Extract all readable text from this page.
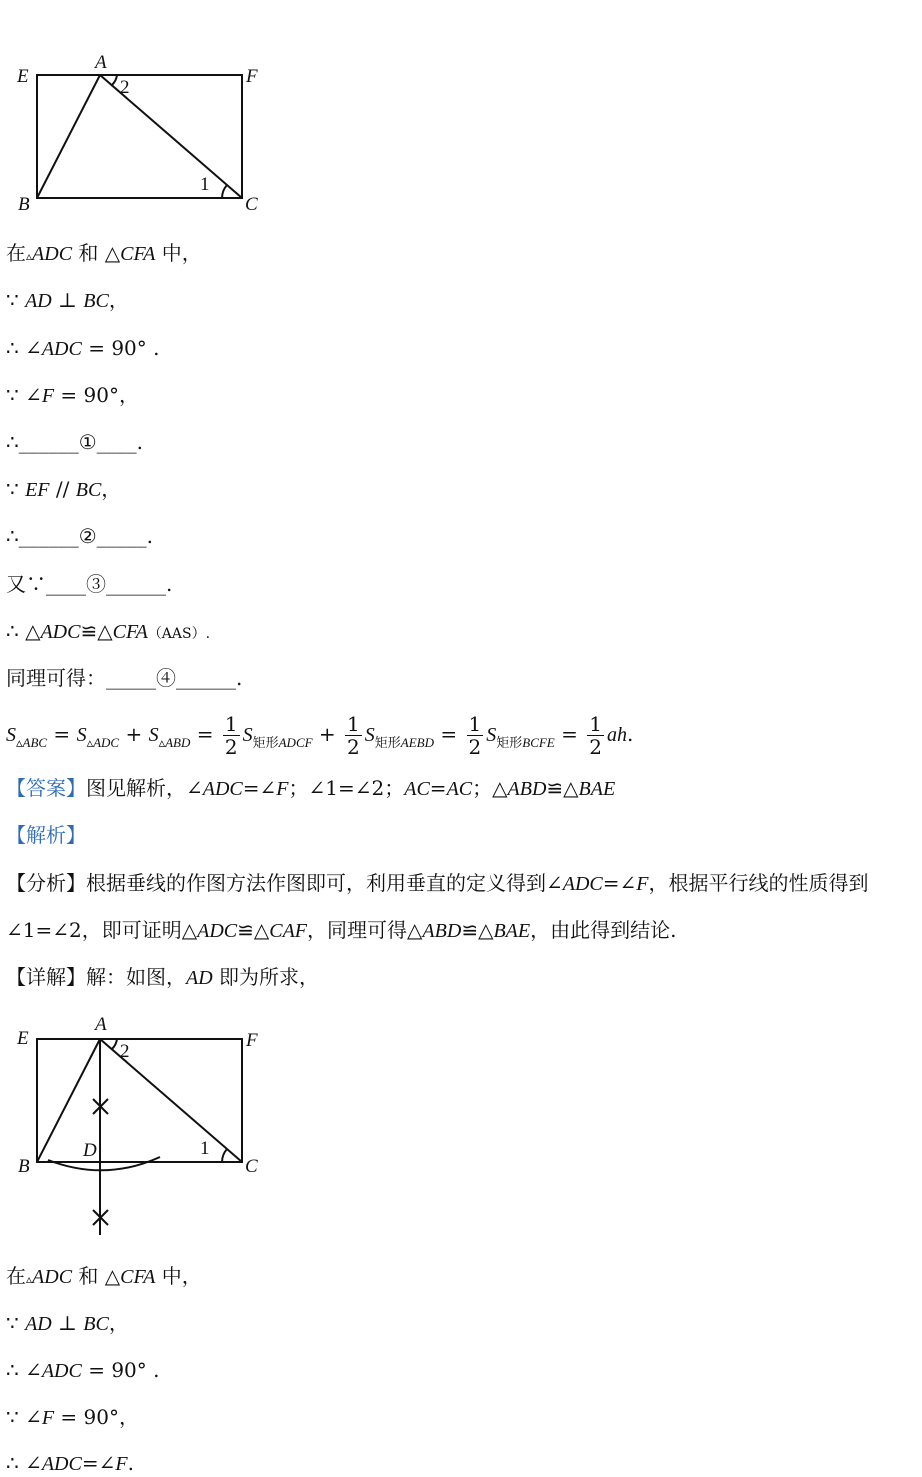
E
A
F
B	C
2
1
在▵ADC 和 △CFA 中，
∵ AD ⊥ BC，
∴ ∠ADC = 90° .
∵ ∠F = 90°，
∴______①____.
∵ EF // BC，
∴______②_____.
又∵____③______.
∴ △ADC≌△CFA（AAS）.
同理可得：_____④______.
$S_{▵ABC} = S_{▵ADC} + S_{▵ABD} = \frac{1}{2} S_{矩形ADCF} + \frac{1}{2} S_{矩形AEBD} = \frac{1}{2} S_{矩形BCFE} = \frac{1}{2}$ ah.
【答案】图见解析，∠ADC=∠F；∠1=∠2；AC=AC；△ABD≌△BAE
【解析】
【分析】根据垂线的作图方法作图即可，利用垂直的定义得到∠ADC=∠F，根据平行线的性质得到
∠1=∠2，即可证明△ADC≌△CAF，同理可得△ABD≌△BAE，由此得到结论.
【详解】解：如图，AD 即为所求，
E
A
F
B
D
C
2
1
在▵ADC 和 △CFA 中，
∵ AD ⊥ BC，
∴ ∠ADC = 90° .
∵ ∠F = 90°，
∴ ∠ADC=∠F.
